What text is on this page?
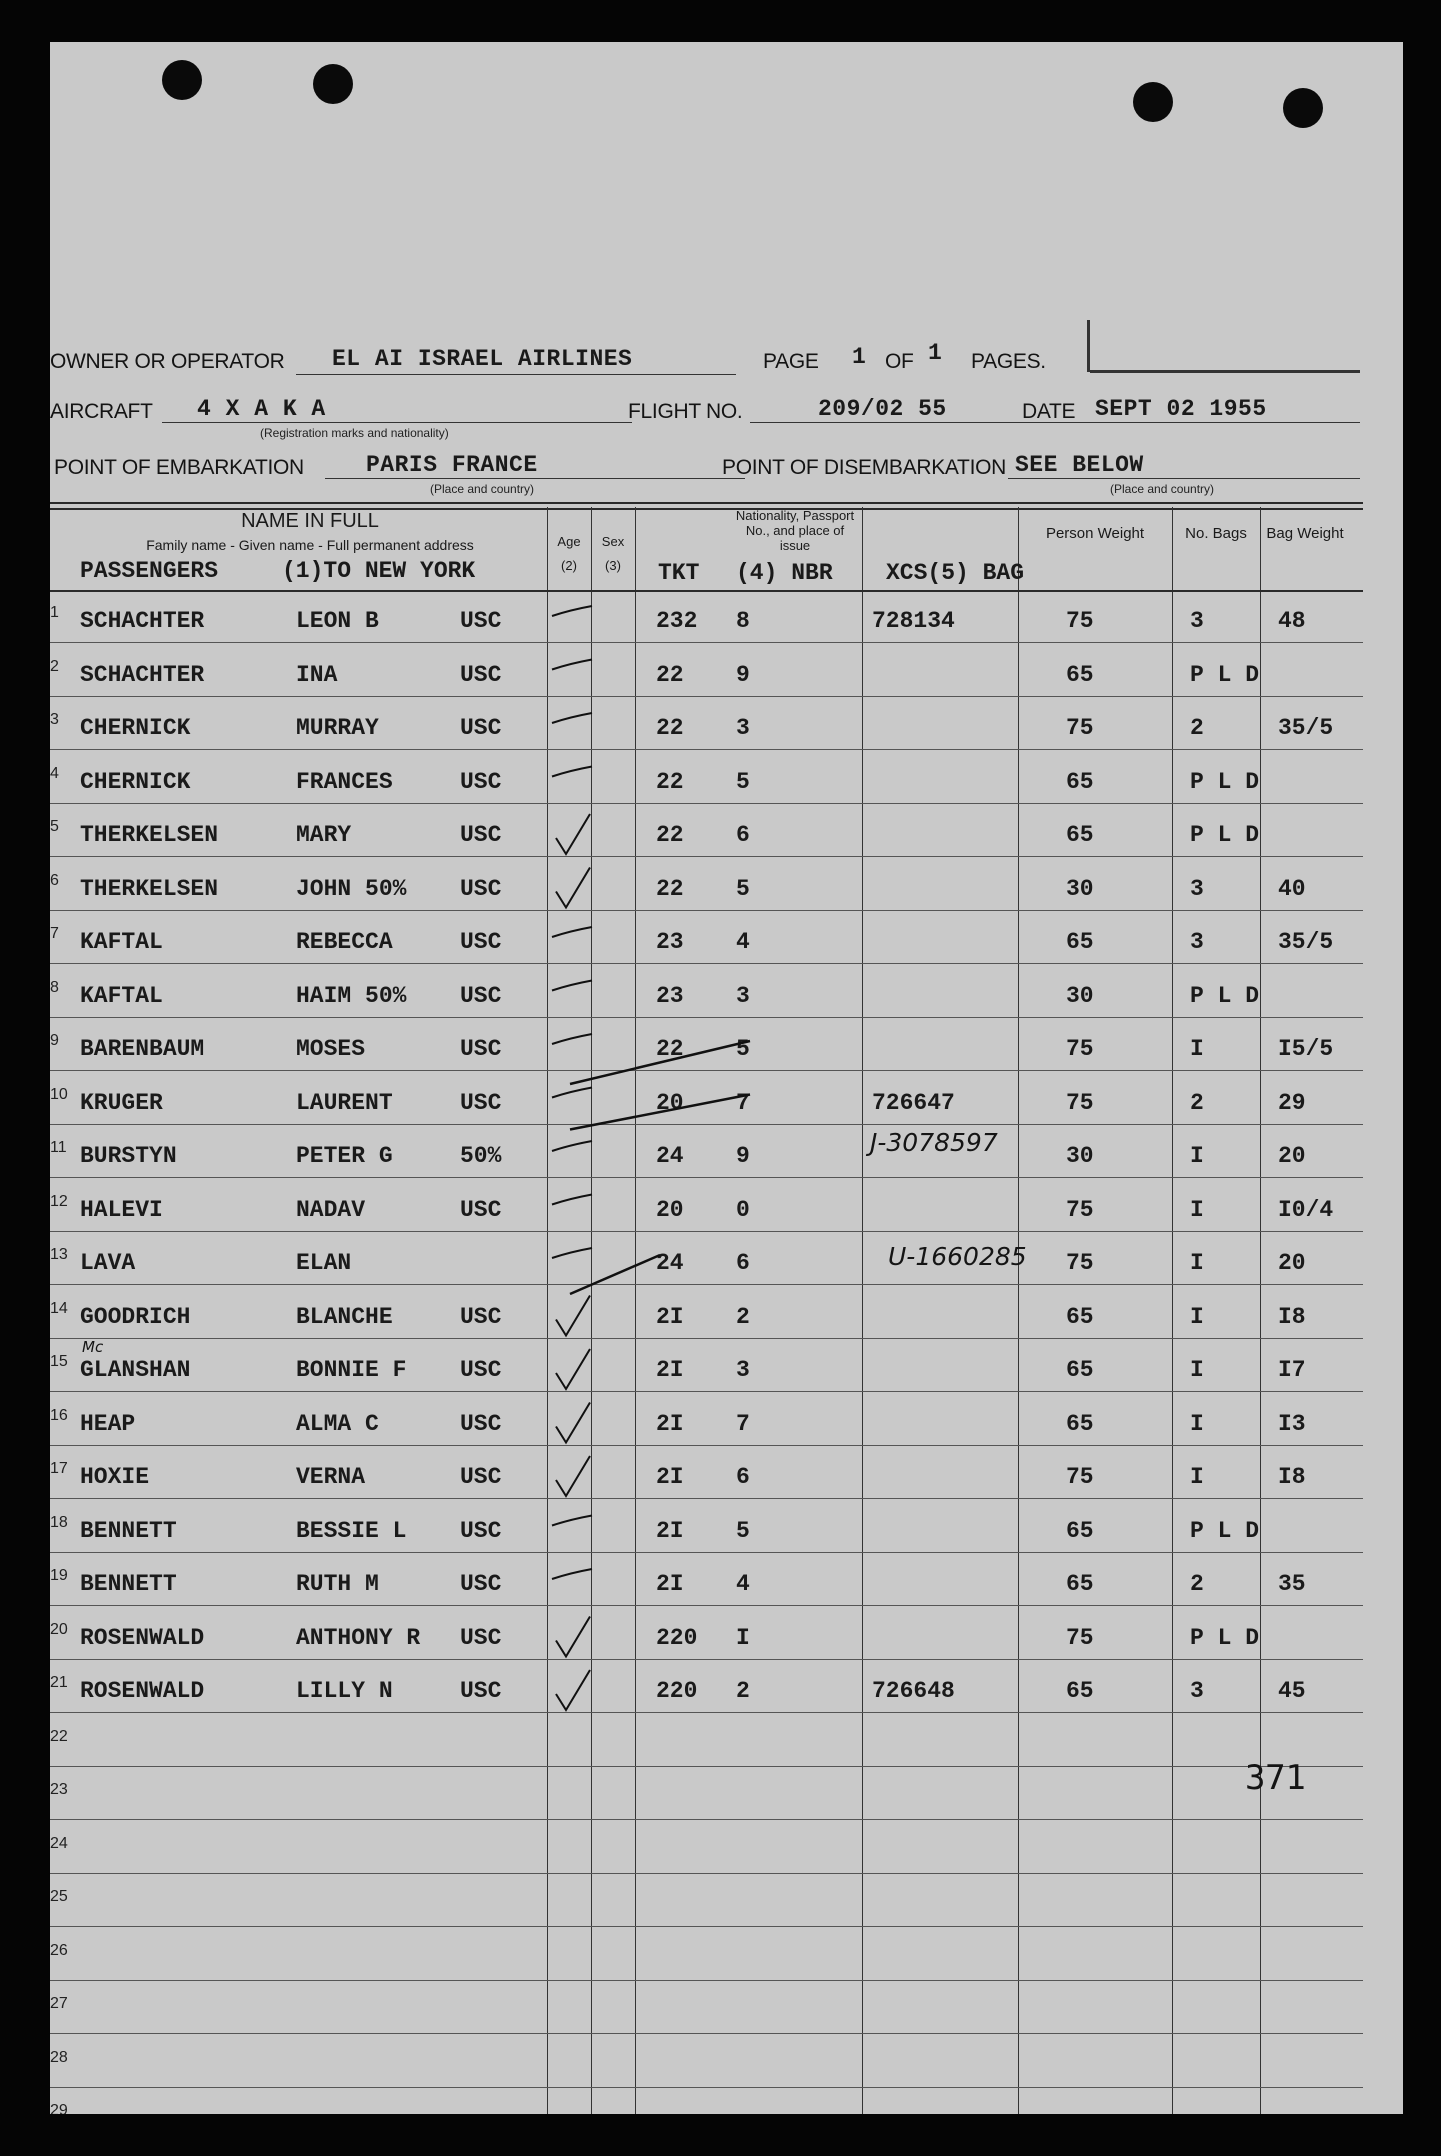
OWNER OR OPERATOR EL AI ISRAEL AIRLINES	PAGE 1 OF 1 PAGES.
AIRCRAFT 4 X A K A
(Registration marks and nationality)
FLIGHT NO.	209/02 55	DATE SEPT 02 1955
POINT OF EMBARKATION	PARIS FRANCE
(Place and country)
POINT OF DISEMBARKATION SEE BELOW
(Place and country)
NAME IN FULL
Family name - Given name - Full permanent address
PASSENGERS	(1)TO NEW YORK
Age
(2)
Sex
(3)	TKT
Nationality, Passport No., and place of issue
(4) NBR XCS(5) BAG
Person Weight	No. Bags	Bag Weight
1 SCHACHTER	LEON B	USC	232 8	728134	75	3	48
2 SCHACHTER	INA	USC	22 9	65	P L D
3 CHERNICK	MURRAY	USC	22 3	75	2	35/5
4 CHERNICK	FRANCES	USC	22 5	65	P L D
5 THERKELSEN	MARY	USC	22 6	65	P L D
6 THERKELSEN	JOHN 50% USC	22 5	30	3	40
7 KAFTAL	REBECCA	USC	23 4	65	3	35/5
8 KAFTAL	HAIM 50% USC	23 3	30	P L D
9 BARENBAUM	MOSES	USC	22 5	75	I	I5/5
10 KRUGER	LAURENT	USC	20 7	726647	75	2	29
11 BURSTYN	PETER G	50%	24 9	30	I	20
12 HALEVI	NADAV	USC	20 0	75	I	I0/4
13 LAVA	ELAN	24 6	75	I	20
14 GOODRICH	BLANCHE	USC	2I 2	65	I	I8
15 GLANSHAN	BONNIE F USC	2I 3	65	I	I7
16 HEAP	ALMA C	USC	2I 7	65	I	I3
17 HOXIE	VERNA	USC	2I 6	75	I	I8
18 BENNETT	BESSIE L USC	2I 5	65	P L D
19 BENNETT	RUTH M	USC	2I 4	65	2	35
20 ROSENWALD	ANTHONY R USC	220 I	75	P L D
21 ROSENWALD	LILLY N	USC	220 2	726648	65	3	45
22
23
24
25
26
27
28
29
J-3078597
U-1660285
Mc
371
